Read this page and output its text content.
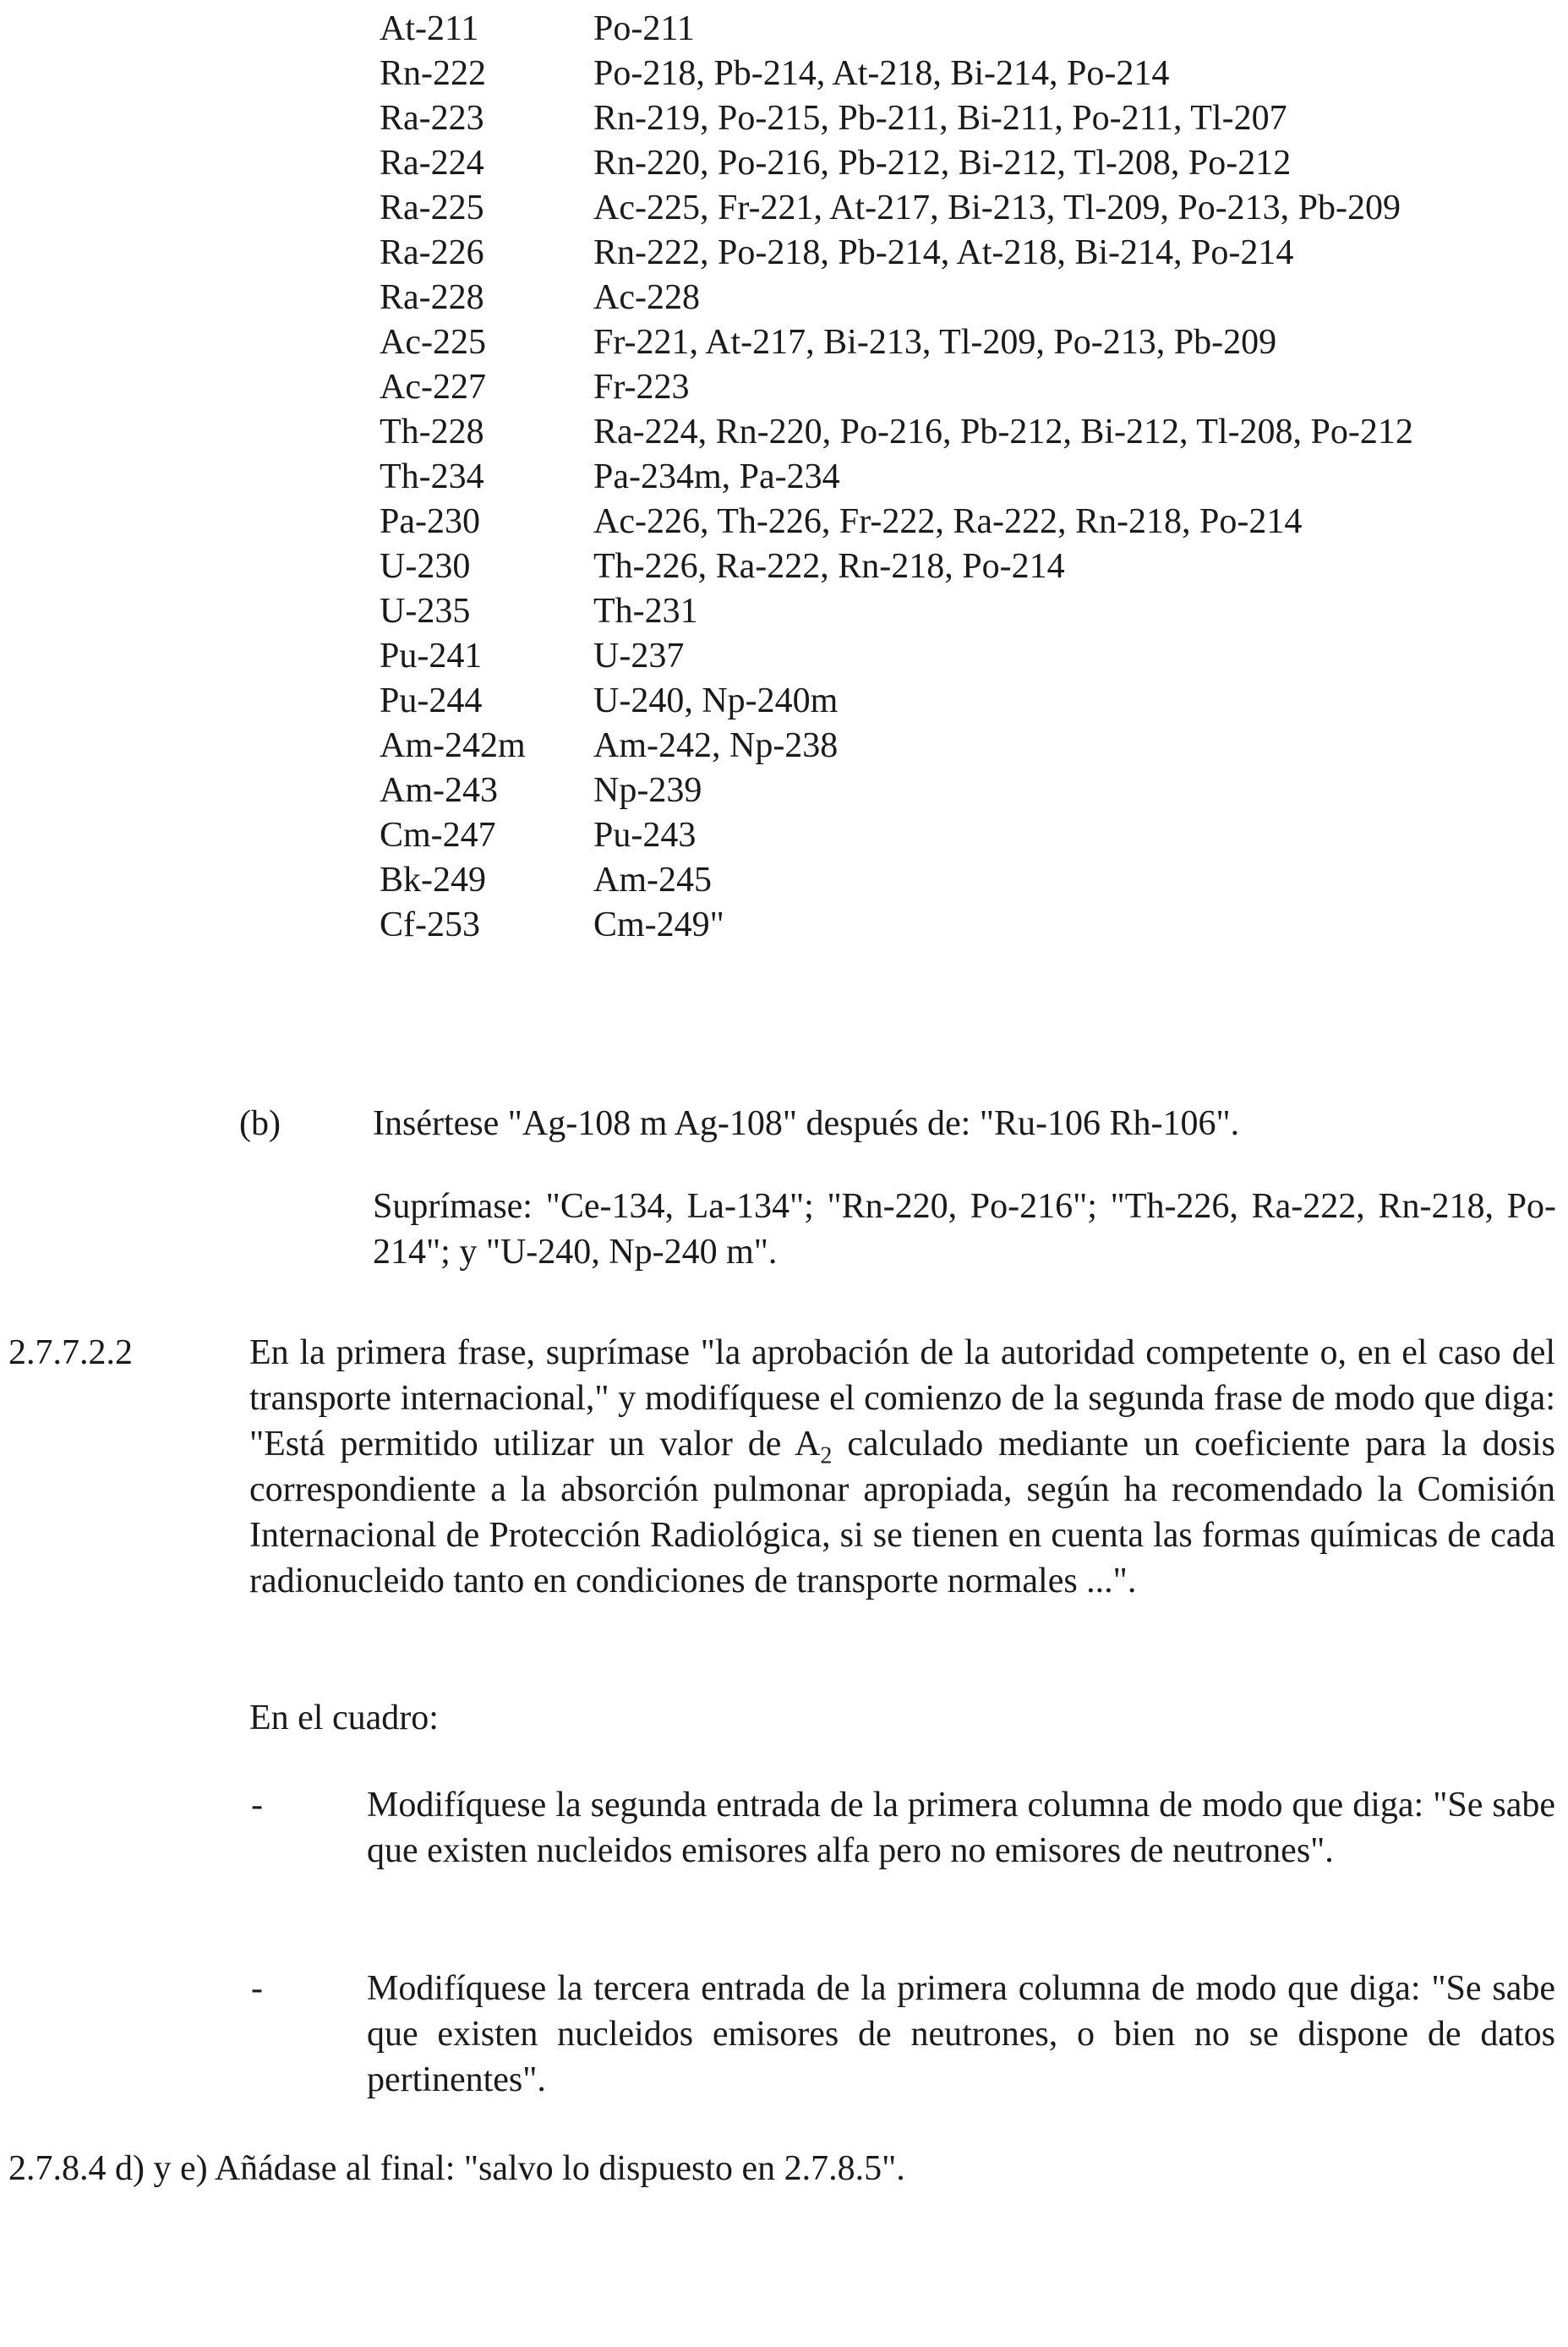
At-211	Po-211
Rn-222	Po-218, Pb-214, At-218, Bi-214, Po-214
Ra-223	Rn-219, Po-215, Pb-211, Bi-211, Po-211, Tl-207
Ra-224	Rn-220, Po-216, Pb-212, Bi-212, Tl-208, Po-212
Ra-225	Ac-225, Fr-221, At-217, Bi-213, Tl-209, Po-213, Pb-209
Ra-226	Rn-222, Po-218, Pb-214, At-218, Bi-214, Po-214
Ra-228	Ac-228
Ac-225	Fr-221, At-217, Bi-213, Tl-209, Po-213, Pb-209
Ac-227	Fr-223
Th-228	Ra-224, Rn-220, Po-216, Pb-212, Bi-212, Tl-208, Po-212
Th-234	Pa-234m, Pa-234
Pa-230	Ac-226, Th-226, Fr-222, Ra-222, Rn-218, Po-214
U-230	Th-226, Ra-222, Rn-218, Po-214
U-235	Th-231
Pu-241	U-237
Pu-244	U-240, Np-240m
Am-242m	Am-242, Np-238
Am-243	Np-239
Cm-247	Pu-243
Bk-249	Am-245
Cf-253	Cm-249"
(b)	Insértese "Ag-108 m Ag-108" después de: "Ru-106 Rh-106".
Suprímase: "Ce-134, La-134"; "Rn-220, Po-216"; "Th-226, Ra-222, Rn-218, Po-214"; y "U-240, Np-240 m".
2.7.7.2.2	En la primera frase, suprímase "la aprobación de la autoridad competente o, en el caso del transporte internacional," y modifíquese el comienzo de la segunda frase de modo que diga: "Está permitido utilizar un valor de $A_2$ calculado mediante un coeficiente para la dosis correspondiente a la absorción pulmonar apropiada, según ha recomendado la Comisión Internacional de Protección Radiológica, si se tienen en cuenta las formas químicas de cada radionucleido tanto en condiciones de transporte normales ...".
En el cuadro:
-	Modifíquese la segunda entrada de la primera columna de modo que diga: "Se sabe que existen nucleidos emisores alfa pero no emisores de neutrones".
-	Modifíquese la tercera entrada de la primera columna de modo que diga: "Se sabe que existen nucleidos emisores de neutrones, o bien no se dispone de datos pertinentes".
2.7.8.4 d) y e) Añádase al final: "salvo lo dispuesto en 2.7.8.5".
